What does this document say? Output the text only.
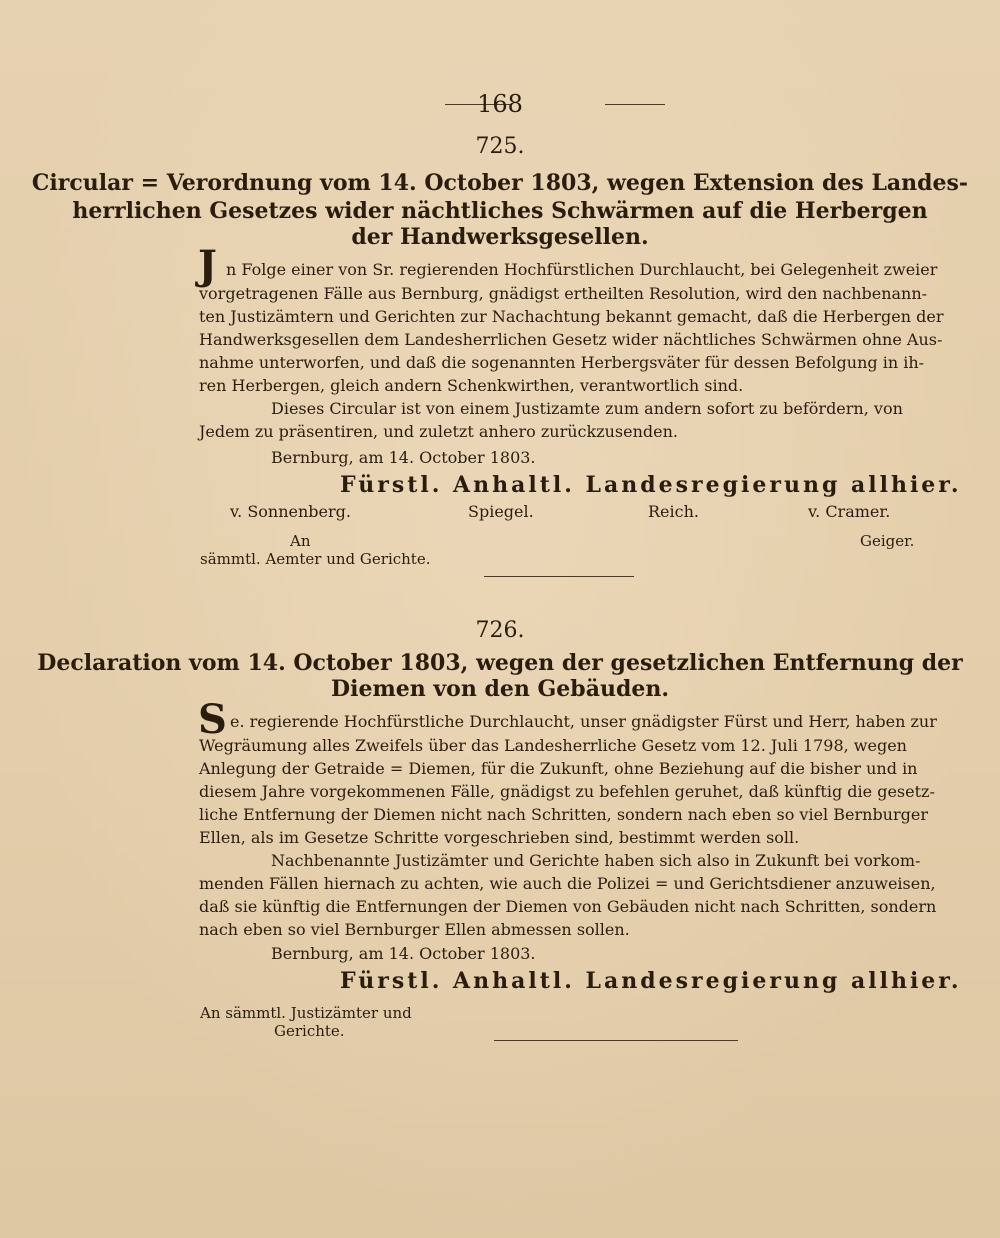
168
725.
Circular = Verordnung vom 14. October 1803, wegen Extension des Landes-
herrlichen Gesetzes wider nächtliches Schwärmen auf die Herbergen
der Handwerksgesellen.
J n Folge einer von Sr. regierenden Hochfürstlichen Durchlaucht, bei Gelegenheit zweier
vorgetragenen Fälle aus Bernburg, gnädigst ertheilten Resolution, wird den nachbenann-
ten Justizämtern und Gerichten zur Nachachtung bekannt gemacht, daß die Herbergen der
Handwerksgesellen dem Landesherrlichen Gesetz wider nächtliches Schwärmen ohne Aus-
nahme unterworfen, und daß die sogenannten Herbergsväter für dessen Befolgung in ih-
ren Herbergen, gleich andern Schenkwirthen, verantwortlich sind.
Dieses Circular ist von einem Justizamte zum andern sofort zu befördern, von
Jedem zu präsentiren, und zuletzt anhero zurückzusenden.
Bernburg, am 14. October 1803.
Fürstl. Anhaltl. Landesregierung allhier.
v. Sonnenberg.	Spiegel.	Reich.	v. Cramer.
An
sämmtl. Aemter und Gerichte.
Geiger.
726.
Declaration vom 14. October 1803, wegen der gesetzlichen Entfernung der
Diemen von den Gebäuden.
S e. regierende Hochfürstliche Durchlaucht, unser gnädigster Fürst und Herr, haben zur
Wegräumung alles Zweifels über das Landesherrliche Gesetz vom 12. Juli 1798, wegen
Anlegung der Getraide = Diemen, für die Zukunft, ohne Beziehung auf die bisher und in
diesem Jahre vorgekommenen Fälle, gnädigst zu befehlen geruhet, daß künftig die gesetz-
liche Entfernung der Diemen nicht nach Schritten, sondern nach eben so viel Bernburger
Ellen, als im Gesetze Schritte vorgeschrieben sind, bestimmt werden soll.
Nachbenannte Justizämter und Gerichte haben sich also in Zukunft bei vorkom-
menden Fällen hiernach zu achten, wie auch die Polizei = und Gerichtsdiener anzuweisen,
daß sie künftig die Entfernungen der Diemen von Gebäuden nicht nach Schritten, sondern
nach eben so viel Bernburger Ellen abmessen sollen.
Bernburg, am 14. October 1803.
Fürstl. Anhaltl. Landesregierung allhier.
An sämmtl. Justizämter und
Gerichte.
